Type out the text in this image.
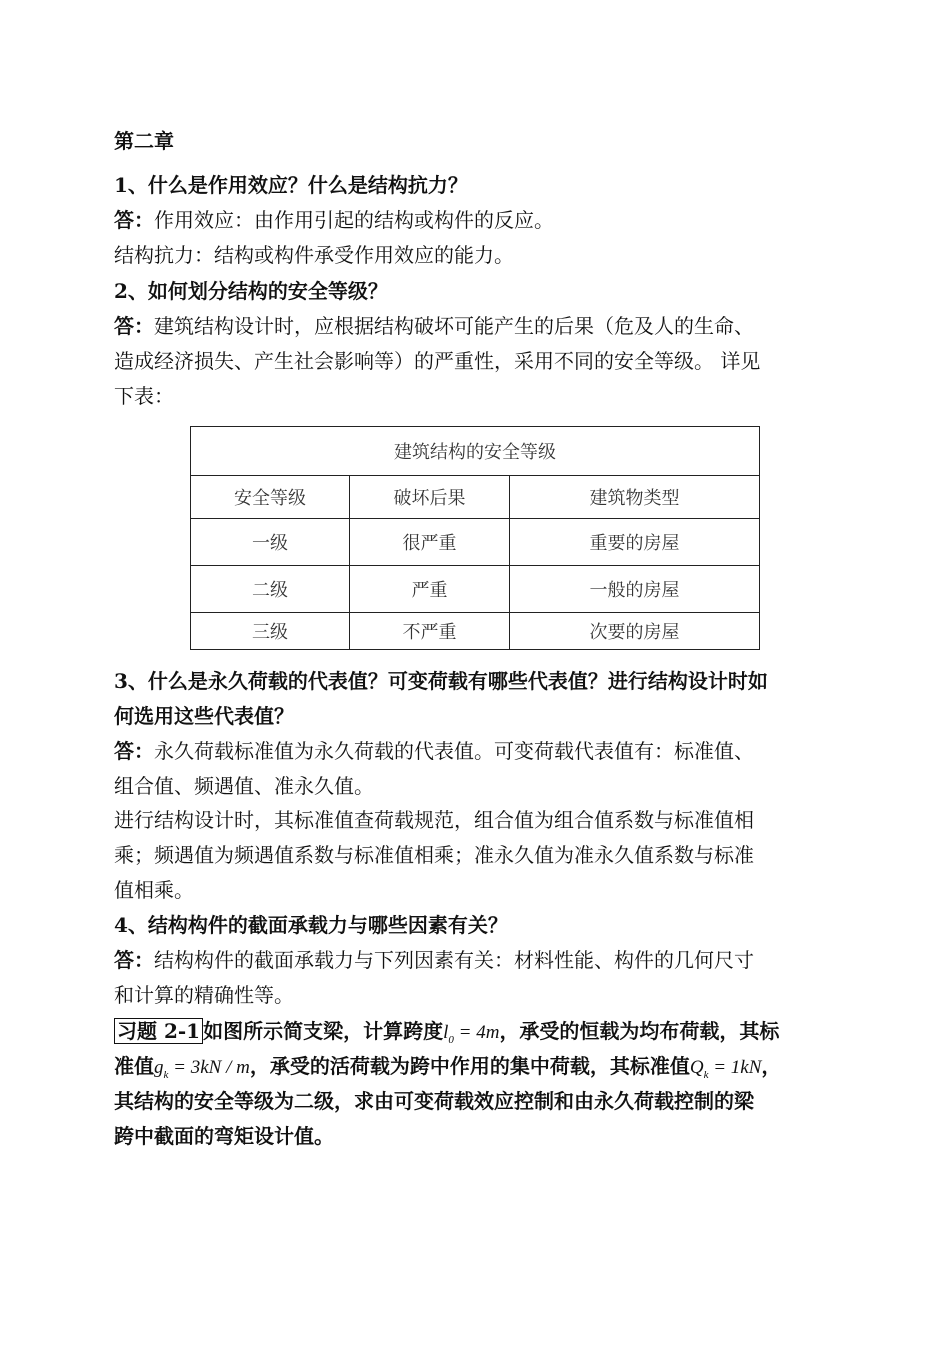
第二章
1、什么是作用效应？什么是结构抗力？
答：作用效应：由作用引起的结构或构件的反应。
结构抗力：结构或构件承受作用效应的能力。
2、如何划分结构的安全等级？
答：建筑结构设计时，应根据结构破坏可能产生的后果（危及人的生命、
造成经济损失、产生社会影响等）的严重性，采用不同的安全等级。 详见
下表：
建筑结构的安全等级		
安全等级	破坏后果	建筑物类型
一级	很严重	重要的房屋
二级	严重	一般的房屋
三级	不严重	次要的房屋
3、什么是永久荷载的代表值？可变荷载有哪些代表值？进行结构设计时如
何选用这些代表值？
答：永久荷载标准值为永久荷载的代表值。可变荷载代表值有：标准值、
组合值、频遇值、准永久值。
进行结构设计时，其标准值查荷载规范，组合值为组合值系数与标准值相
乘；频遇值为频遇值系数与标准值相乘；准永久值为准永久值系数与标准
值相乘。
4、结构构件的截面承载力与哪些因素有关？
答：结构构件的截面承载力与下列因素有关：材料性能、构件的几何尺寸
和计算的精确性等。
习题 2-1 如图所示简支梁，计算跨度$l_0 = 4m$，承受的恒载为均布荷载，其标
准值$g_k = 3kN / m$，承受的活荷载为跨中作用的集中荷载，其标准值$Q_k = 1kN$，
其结构的安全等级为二级，求由可变荷载效应控制和由永久荷载控制的梁
跨中截面的弯矩设计值。
